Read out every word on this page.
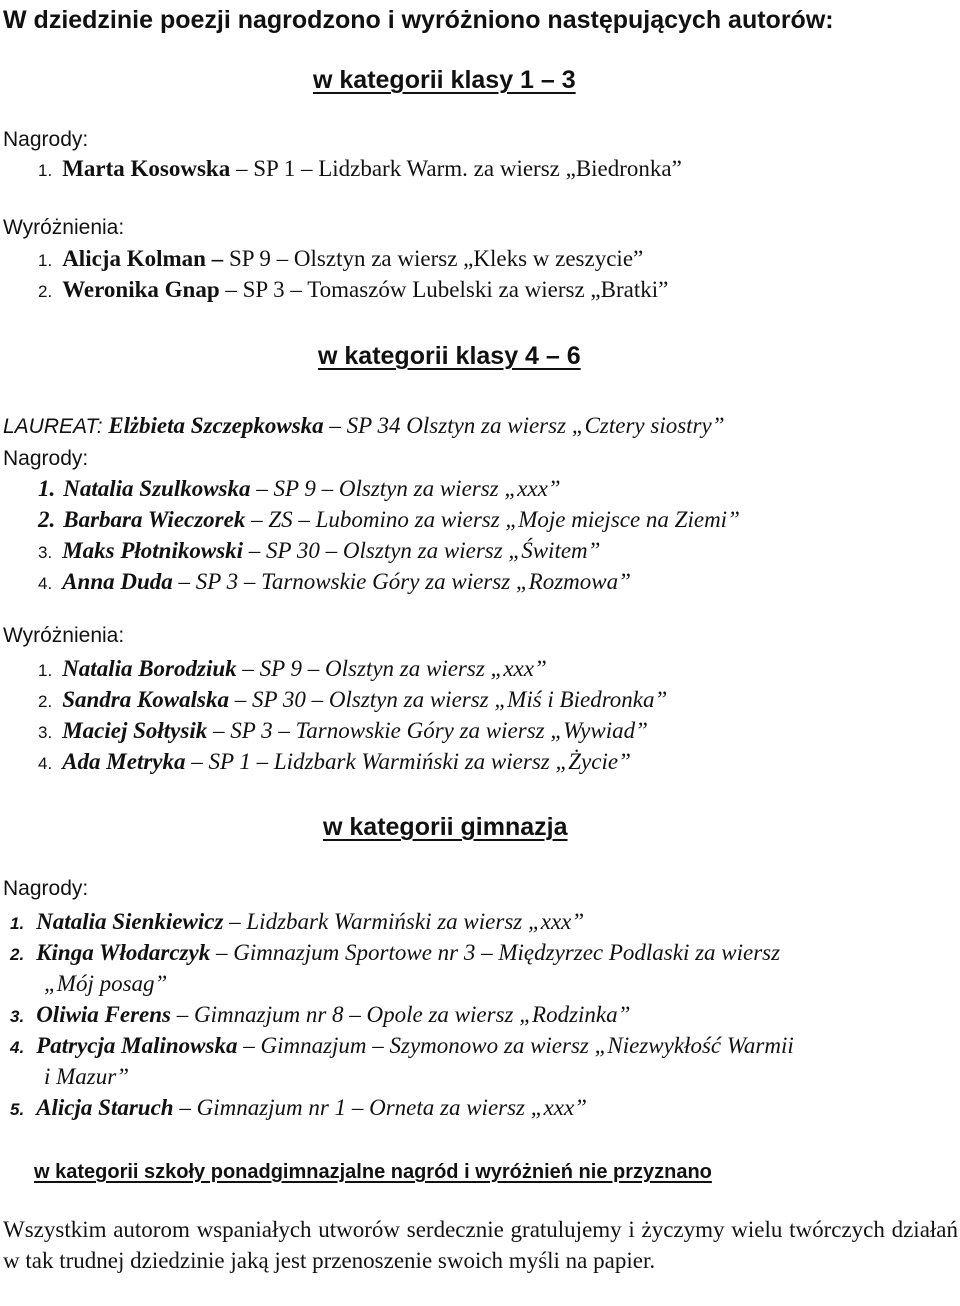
W dziedzinie poezji nagrodzono i wyróżniono następujących autorów:
w kategorii klasy 1 – 3
Nagrody:
1. Marta Kosowska – SP 1 – Lidzbark Warm. za wiersz „Biedronka”
Wyróżnienia:
1. Alicja Kolman – SP 9 – Olsztyn za wiersz „Kleks w zeszycie”
2. Weronika Gnap – SP 3 – Tomaszów Lubelski za wiersz „Bratki”
w kategorii klasy 4 – 6
LAUREAT: Elżbieta Szczepkowska – SP 34 Olsztyn za wiersz „Cztery siostry”
Nagrody:
1. Natalia Szulkowska – SP 9 – Olsztyn za wiersz „xxx”
2. Barbara Wieczorek – ZS – Lubomino za wiersz „Moje miejsce na Ziemi”
3. Maks Płotnikowski – SP 30 – Olsztyn za wiersz „Świtem”
4. Anna Duda – SP 3 – Tarnowskie Góry za wiersz „Rozmowa”
Wyróżnienia:
1. Natalia Borodziuk – SP 9 – Olsztyn za wiersz „xxx”
2. Sandra Kowalska – SP 30 – Olsztyn za wiersz „Miś i Biedronka”
3. Maciej Sołtysik – SP 3 – Tarnowskie Góry za wiersz „Wywiad”
4. Ada Metryka – SP 1 – Lidzbark Warmiński za wiersz „Życie”
w kategorii gimnazja
Nagrody:
1. Natalia Sienkiewicz – Lidzbark Warmiński za wiersz „xxx”
2. Kinga Włodarczyk – Gimnazjum Sportowe nr 3 – Międzyrzec Podlaski za wiersz
„Mój posag”
3. Oliwia Ferens – Gimnazjum nr 8 – Opole za wiersz „Rodzinka”
4. Patrycja Malinowska – Gimnazjum – Szymonowo za wiersz „Niezwykłość Warmii
i Mazur”
5. Alicja Staruch – Gimnazjum nr 1 – Orneta za wiersz „xxx”
w kategorii szkoły ponadgimnazjalne nagród i wyróżnień nie przyznano

Wszystkim autorom wspaniałych utworów serdecznie gratulujemy i życzymy wielu twórczych działań w tak trudnej dziedzinie jaką jest przenoszenie swoich myśli na papier.
